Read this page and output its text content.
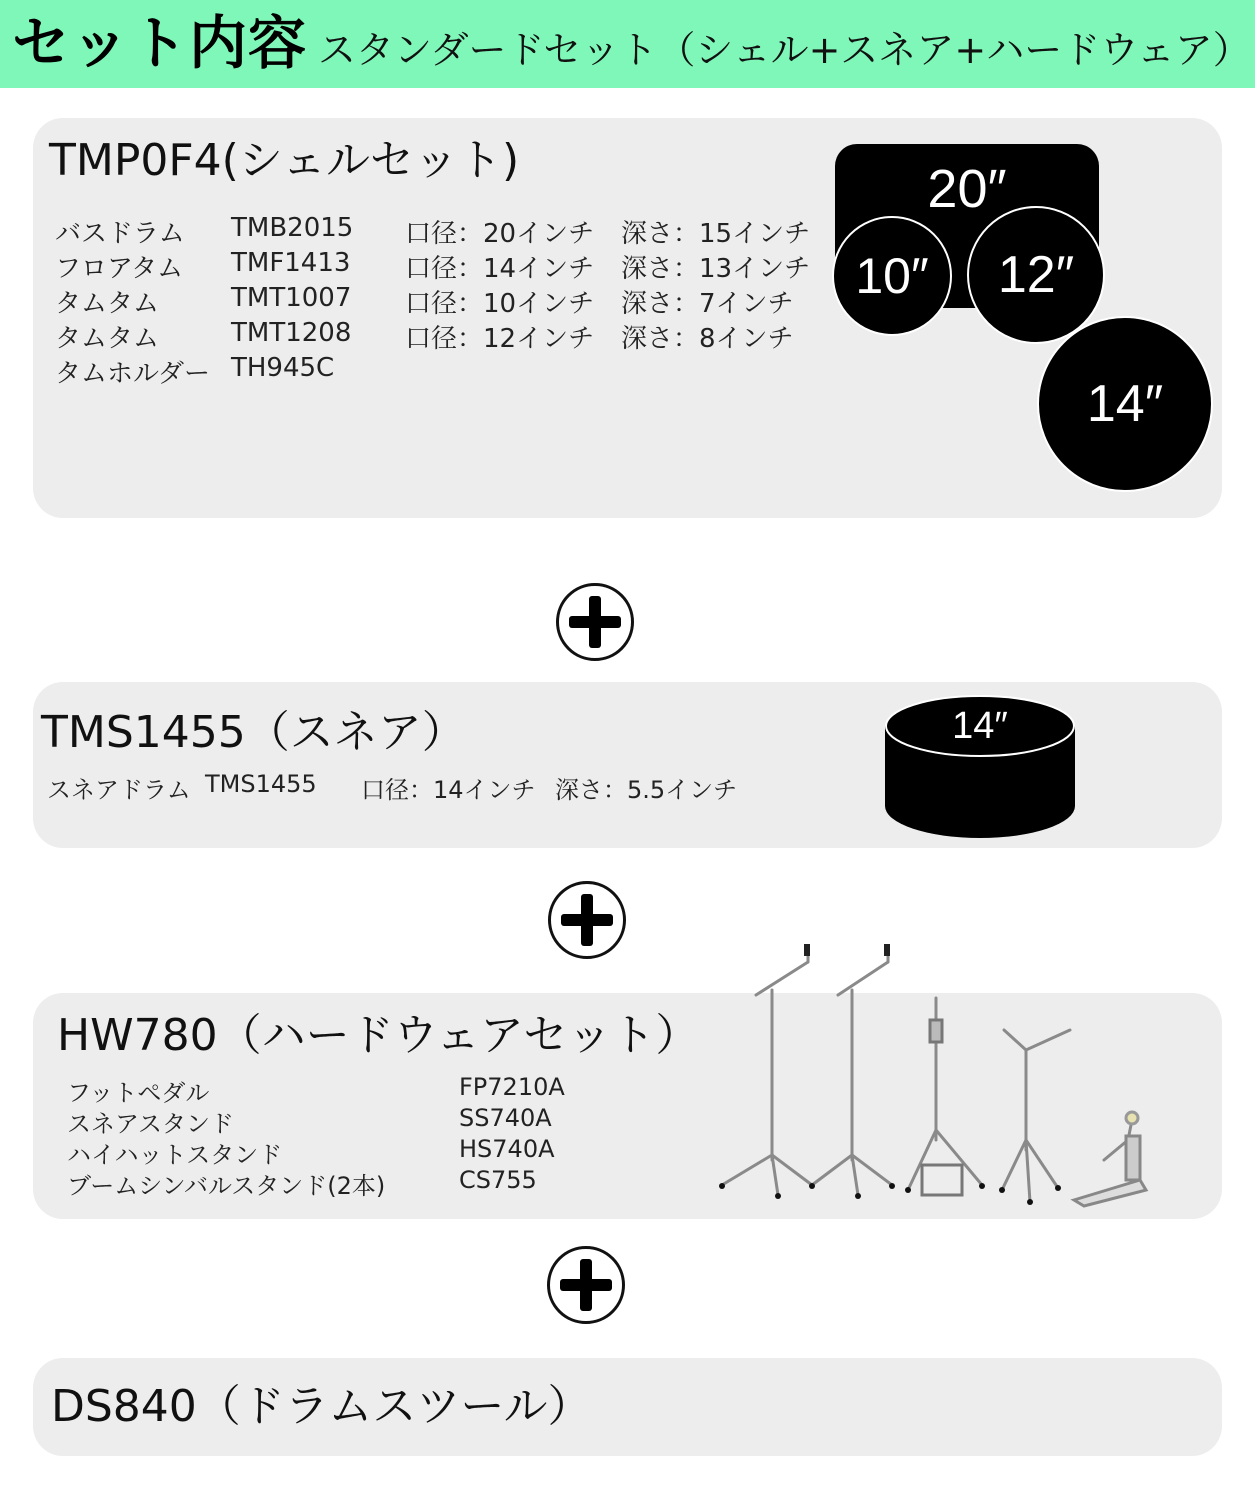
セット内容 スタンダードセット（シェル+スネア+ハードウェア）
TMP0F4(シェルセット)
バスドラム TMB2015 口径：20インチ 深さ：15インチ
フロアタム TMF1413 口径：14インチ 深さ：13インチ
タムタム	TMT1007 口径：10インチ 深さ：7インチ
タムタム	TMT1208 口径：12インチ 深さ：8インチ
タムホルダー TH945C
20″
10″ 12″
14″
TMS1455（スネア）
スネアドラム TMS1455 口径：14インチ 深さ：5.5インチ
14″
HW780（ハードウェアセット）
フットペダル	FP7210A
スネアスタンド	SS740A
ハイハットスタンド	HS740A
ブームシンバルスタンド(2本)	CS755
DS840（ドラムスツール）
